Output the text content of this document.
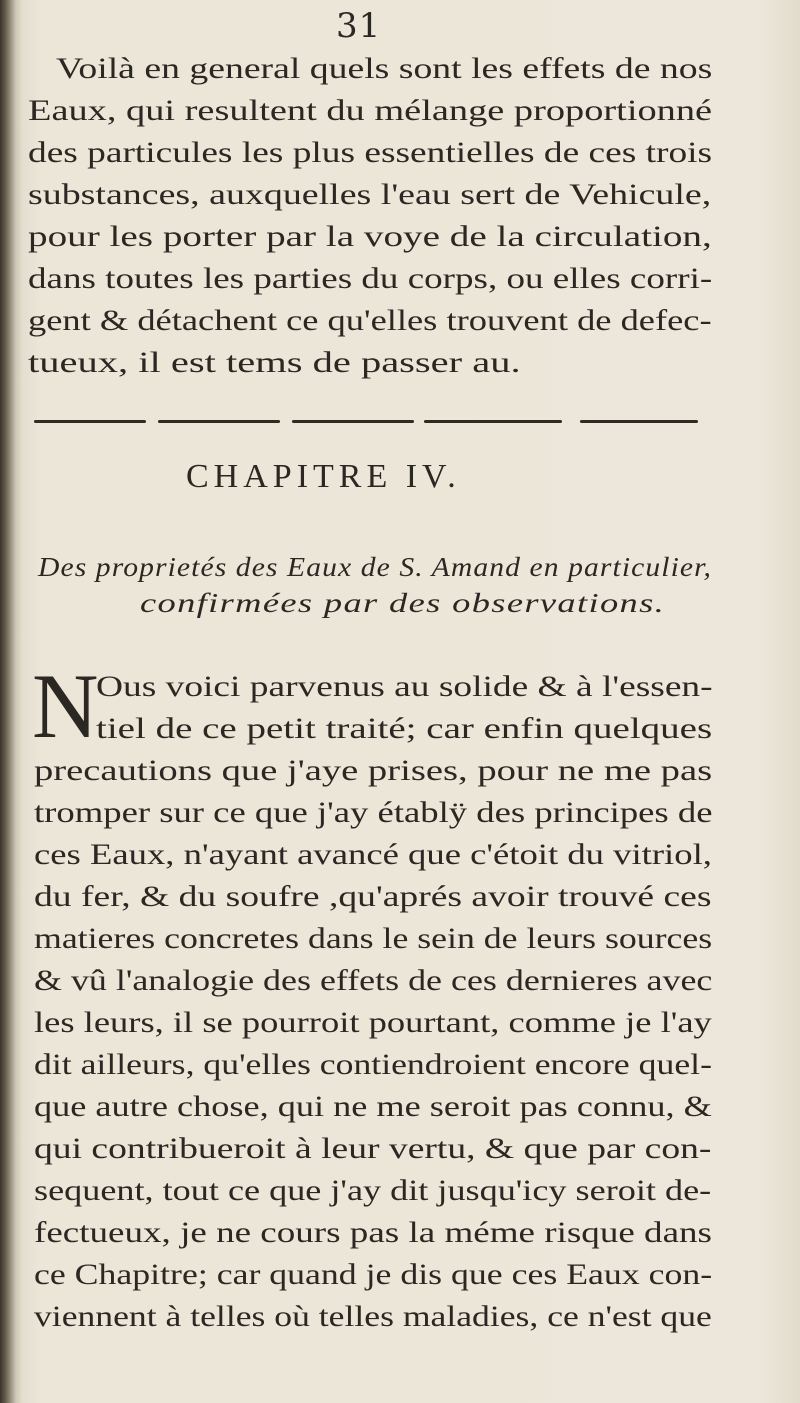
31
Voilà en general quels sont les effets de nos
Eaux, qui resultent du mélange proportionné
des particules les plus essentielles de ces trois
substances, auxquelles l'eau sert de Vehicule,
pour les porter par la voye de la circulation,
dans toutes les parties du corps, ou elles corri-
gent & détachent ce qu'elles trouvent de defec-
tueux, il est tems de passer au.
CHAPITRE IV.
Des proprietés des Eaux de S. Amand en particulier,
confirmées par des observations.
N
Ous voici parvenus au solide & à l'essen-
tiel de ce petit traité; car enfin quelques
precautions que j'aye prises, pour ne me pas
tromper sur ce que j'ay établÿ des principes de
ces Eaux, n'ayant avancé que c'étoit du vitriol,
du fer, & du soufre ,qu'aprés avoir trouvé ces
matieres concretes dans le sein de leurs sources
& vû l'analogie des effets de ces dernieres avec
les leurs, il se pourroit pourtant, comme je l'ay
dit ailleurs, qu'elles contiendroient encore quel-
que autre chose, qui ne me seroit pas connu, &
qui contribueroit à leur vertu, & que par con-
sequent, tout ce que j'ay dit jusqu'icy seroit de-
fectueux, je ne cours pas la méme risque dans
ce Chapitre; car quand je dis que ces Eaux con-
viennent à telles où telles maladies, ce n'est que
